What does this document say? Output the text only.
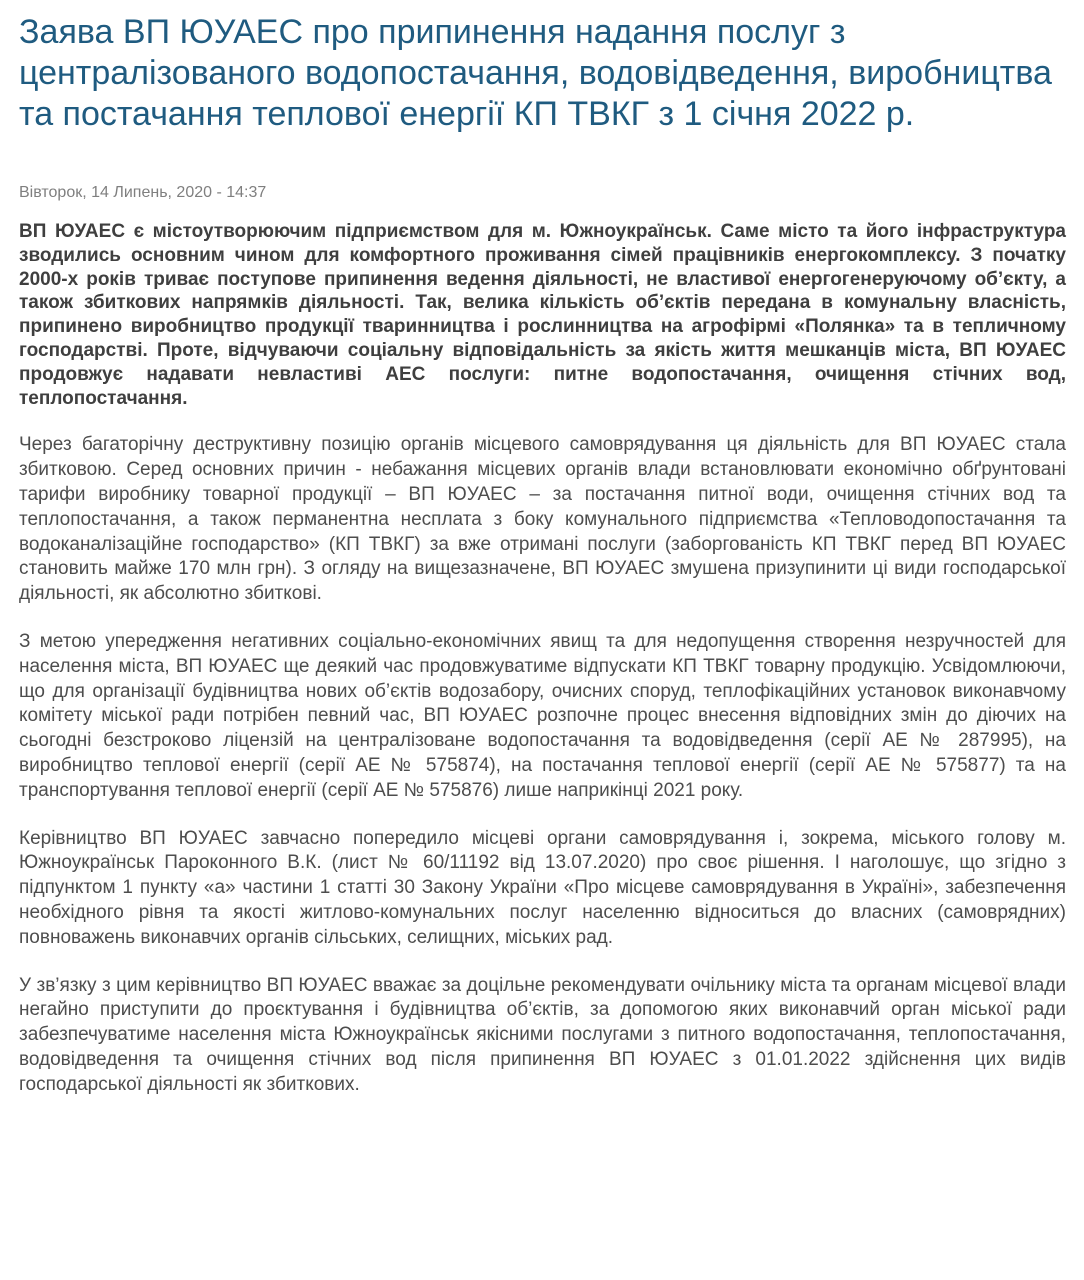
Заява ВП ЮУАЕС про припинення надання послуг з централізованого водопостачання, водовідведення, виробництва та постачання теплової енергії КП ТВКГ з 1 січня 2022 р.
Вівторок, 14 Липень, 2020 - 14:37

ВП ЮУАЕС є містоутворюючим підприємством для м. Южноукраїнськ. Саме місто та його інфраструктура зводились основним чином для комфортного проживання сімей працівників енергокомплексу. З початку 2000-х років триває поступове припинення ведення діяльності, не властивої енергогенеруючому об’єкту, а також збиткових напрямків діяльності. Так, велика кількість об’єктів передана в комунальну власність, припинено виробництво продукції тваринництва і рослинництва на агрофірмі «Полянка» та в тепличному господарстві. Проте, відчуваючи соціальну відповідальність за якість життя мешканців міста, ВП ЮУАЕС продовжує надавати невластиві АЕС послуги: питне водопостачання, очищення стічних вод, теплопостачання.

Через багаторічну деструктивну позицію органів місцевого самоврядування ця діяльність для ВП ЮУАЕС стала збитковою. Серед основних причин - небажання місцевих органів влади встановлювати економічно обґрунтовані тарифи виробнику товарної продукції – ВП ЮУАЕС – за постачання питної води, очищення стічних вод та теплопостачання, а також перманентна несплата з боку комунального підприємства «Тепловодопостачання та водоканалізаційне господарство» (КП ТВКГ) за вже отримані послуги (заборгованість КП ТВКГ перед ВП ЮУАЕС становить майже 170 млн грн). З огляду на вищезазначене, ВП ЮУАЕС змушена призупинити ці види господарської діяльності, як абсолютно збиткові.

З метою упередження негативних соціально-економічних явищ та для недопущення створення незручностей для населення міста, ВП ЮУАЕС ще деякий час продовжуватиме відпускати КП ТВКГ товарну продукцію. Усвідомлюючи, що для організації будівництва нових об’єктів водозабору, очисних споруд, теплофікаційних установок виконавчому комітету міської ради потрібен певний час, ВП ЮУАЕС розпочне процес внесення відповідних змін до діючих на сьогодні безстроково ліцензій на централізоване водопостачання та водовідведення (серії АЕ № 287995), на виробництво теплової енергії (серії АЕ № 575874), на постачання теплової енергії (серії АЕ № 575877) та на транспортування теплової енергії (серії АЕ № 575876) лише наприкінці 2021 року.

Керівництво ВП ЮУАЕС завчасно попередило місцеві органи самоврядування і, зокрема, міського голову м. Южноукраїнськ Пароконного В.К. (лист № 60/11192 від 13.07.2020) про своє рішення. І наголошує, що згідно з підпунктом 1 пункту «а» частини 1 статті 30 Закону України «Про місцеве самоврядування в Україні», забезпечення необхідного рівня та якості житлово-комунальних послуг населенню відноситься до власних (самоврядних) повноважень виконавчих органів сільських, селищних, міських рад.

У зв’язку з цим керівництво ВП ЮУАЕС вважає за доцільне рекомендувати очільнику міста та органам місцевої влади негайно приступити до проєктування і будівництва об’єктів, за допомогою яких виконавчий орган міської ради забезпечуватиме населення міста Южноукраїнськ якісними послугами з питного водопостачання, теплопостачання, водовідведення та очищення стічних вод після припинення ВП ЮУАЕС з 01.01.2022 здійснення цих видів господарської діяльності як збиткових.
